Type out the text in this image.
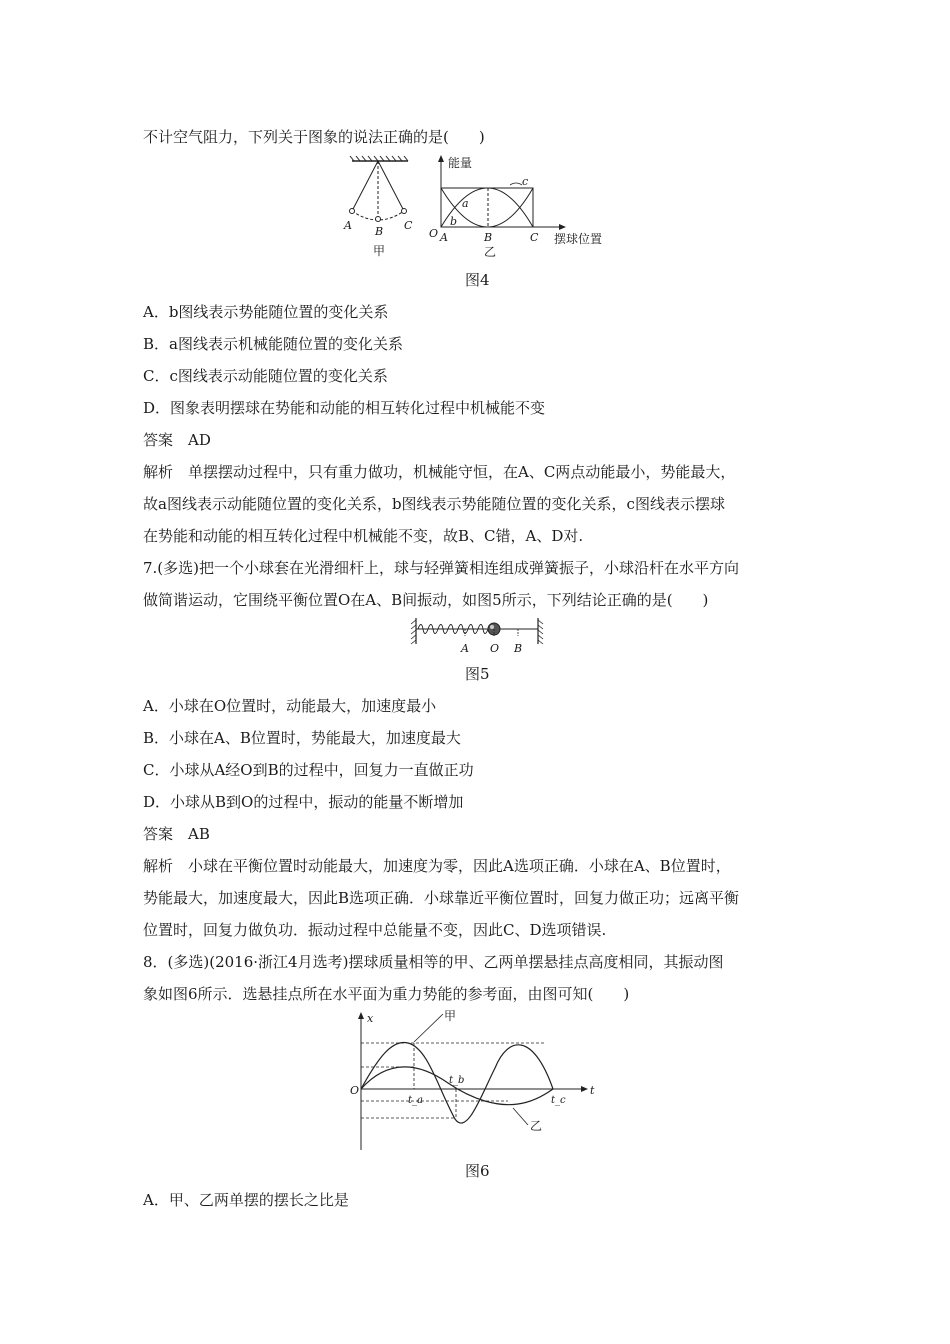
不计空气阻力，下列关于图象的说法正确的是(　　)
A B C
甲
能量
O A	B	C
a
b
c
摆球位置
乙
图4
A．b图线表示势能随位置的变化关系
B．a图线表示机械能随位置的变化关系
C．c图线表示动能随位置的变化关系
D．图象表明摆球在势能和动能的相互转化过程中机械能不变
答案　AD
解析　单摆摆动过程中，只有重力做功，机械能守恒，在A、C两点动能最小，势能最大，
故a图线表示动能随位置的变化关系，b图线表示势能随位置的变化关系，c图线表示摆球
在势能和动能的相互转化过程中机械能不变，故B、C错，A、D对.
7.(多选)把一个小球套在光滑细杆上，球与轻弹簧相连组成弹簧振子，小球沿杆在水平方向
做简谐运动，它围绕平衡位置O在A、B间振动，如图5所示，下列结论正确的是(　　)
A O B
图5
A．小球在O位置时，动能最大，加速度最小
B．小球在A、B位置时，势能最大，加速度最大
C．小球从A经O到B的过程中，回复力一直做正功
D．小球从B到O的过程中，振动的能量不断增加
答案　AB
解析　小球在平衡位置时动能最大，加速度为零，因此A选项正确．小球在A、B位置时，
势能最大，加速度最大，因此B选项正确．小球靠近平衡位置时，回复力做正功；远离平衡
位置时，回复力做负功．振动过程中总能量不变，因此C、D选项错误.
8．(多选)(2016·浙江4月选考)摆球质量相等的甲、乙两单摆悬挂点高度相同，其振动图
象如图6所示．选悬挂点所在水平面为重力势能的参考面，由图可知(　　)
x
t
O
t_a
t_b
t_c
甲
乙
图6
A．甲、乙两单摆的摆长之比是
